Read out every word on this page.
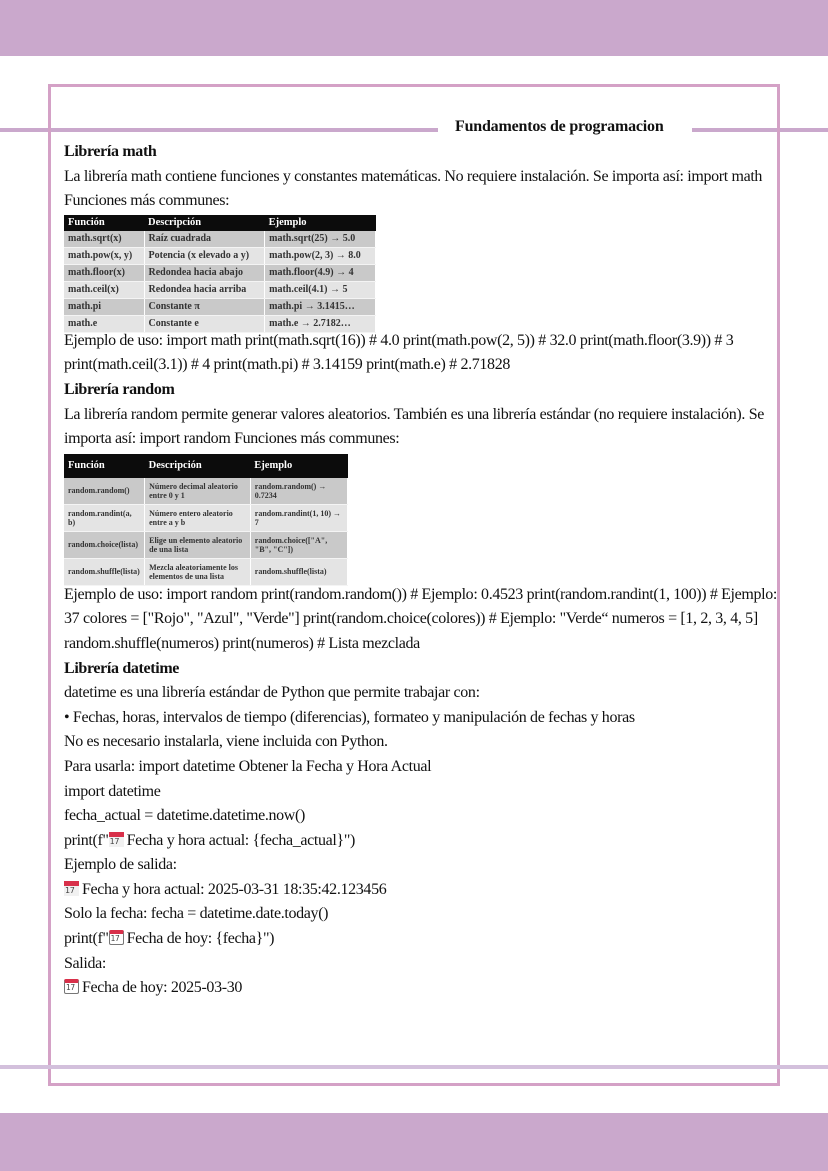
Fundamentos de programacion

Librería math

La librería math contiene funciones y constantes matemáticas. No requiere instalación. Se importa así: import math Funciones más communes:

Función	Descripción	Ejemplo
math.sqrt(x)	Raíz cuadrada	math.sqrt(25) → 5.0
math.pow(x, y)	Potencia (x elevado a y)	math.pow(2, 3) → 8.0
math.floor(x)	Redondea hacia abajo	math.floor(4.9) → 4
math.ceil(x)	Redondea hacia arriba	math.ceil(4.1) → 5
math.pi	Constante π	math.pi → 3.1415…
math.e	Constante e	math.e → 2.7182…

Ejemplo de uso: import math print(math.sqrt(16)) # 4.0 print(math.pow(2, 5)) # 32.0 print(math.floor(3.9)) # 3 print(math.ceil(3.1)) # 4 print(math.pi) # 3.14159 print(math.e) # 2.71828

Librería random

La librería random permite generar valores aleatorios. También es una librería estándar (no requiere instalación). Se importa así: import random Funciones más communes:

Función	Descripción	Ejemplo
random.random()	Número decimal aleatorio entre 0 y 1	random.random() → 0.7234
random.randint(a, b)	Número entero aleatorio entre a y b	random.randint(1, 10) → 7
random.choice(lista)	Elige un elemento aleatorio de una lista	random.choice(["A", "B", "C"])
random.shuffle(lista)	Mezcla aleatoriamente los elementos de una lista	random.shuffle(lista)

Ejemplo de uso: import random print(random.random()) # Ejemplo: 0.4523 print(random.randint(1, 100)) # Ejemplo: 37 colores = ["Rojo", "Azul", "Verde"] print(random.choice(colores)) # Ejemplo: "Verde“ numeros = [1, 2, 3, 4, 5] random.shuffle(numeros) print(numeros) # Lista mezclada

Librería datetime

datetime es una librería estándar de Python que permite trabajar con:

• Fechas, horas, intervalos de tiempo (diferencias), formateo y manipulación de fechas y horas

No es necesario instalarla, viene incluida con Python.

Para usarla: import datetime Obtener la Fecha y Hora Actual

import datetime

fecha_actual = datetime.datetime.now()

print(f" 17 Fecha y hora actual: {fecha_actual}")

Ejemplo de salida:

17Fecha y hora actual: 2025-03-31 18:35:42.123456

Solo la fecha: fecha = datetime.date.today()

print(f" 17 Fecha de hoy: {fecha}")

Salida:

17Fecha de hoy: 2025-03-30
